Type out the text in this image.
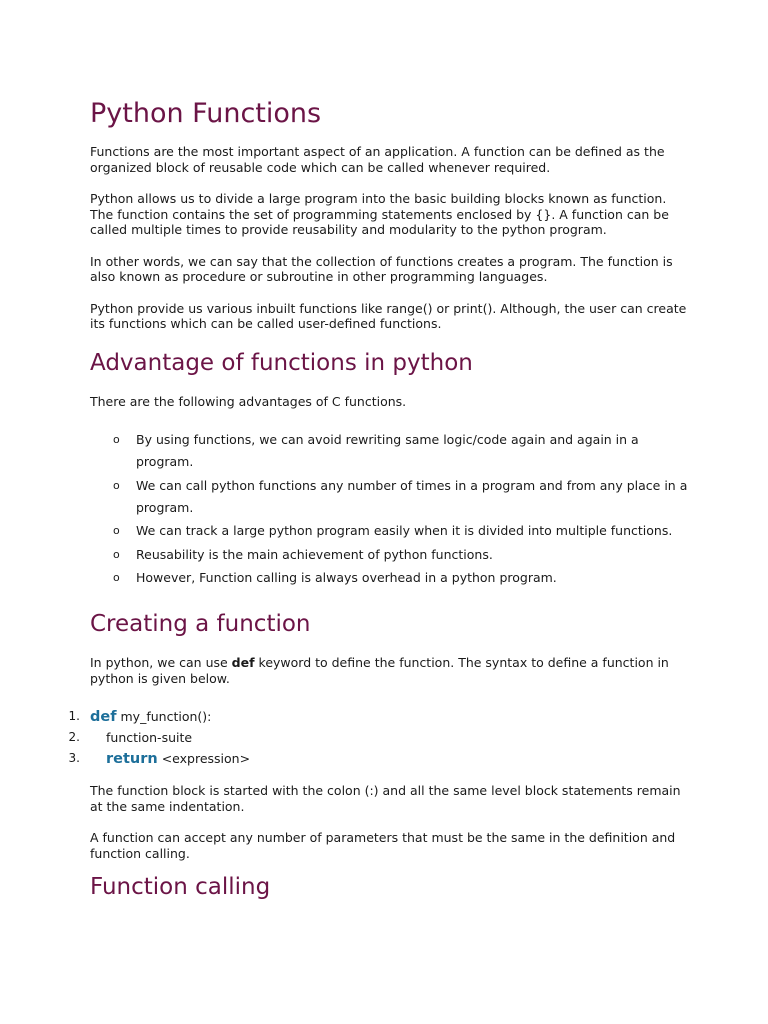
Python Functions

Functions are the most important aspect of an application. A function can be defined as the organized block of reusable code which can be called whenever required.

Python allows us to divide a large program into the basic building blocks known as function. The function contains the set of programming statements enclosed by {}. A function can be called multiple times to provide reusability and modularity to the python program.

In other words, we can say that the collection of functions creates a program. The function is also known as procedure or subroutine in other programming languages.

Python provide us various inbuilt functions like range() or print(). Although, the user can create its functions which can be called user-defined functions.

Advantage of functions in python

There are the following advantages of C functions.

o By using functions, we can avoid rewriting same logic/code again and again in a program.
o We can call python functions any number of times in a program and from any place in a program.
o We can track a large python program easily when it is divided into multiple functions.
o Reusability is the main achievement of python functions.
o However, Function calling is always overhead in a python program.
Creating a function

In python, we can use def keyword to define the function. The syntax to define a function in python is given below.

1. def my_function():
2. function-suite
3. return <expression>

The function block is started with the colon (:) and all the same level block statements remain at the same indentation.

A function can accept any number of parameters that must be the same in the definition and function calling.

Function calling
